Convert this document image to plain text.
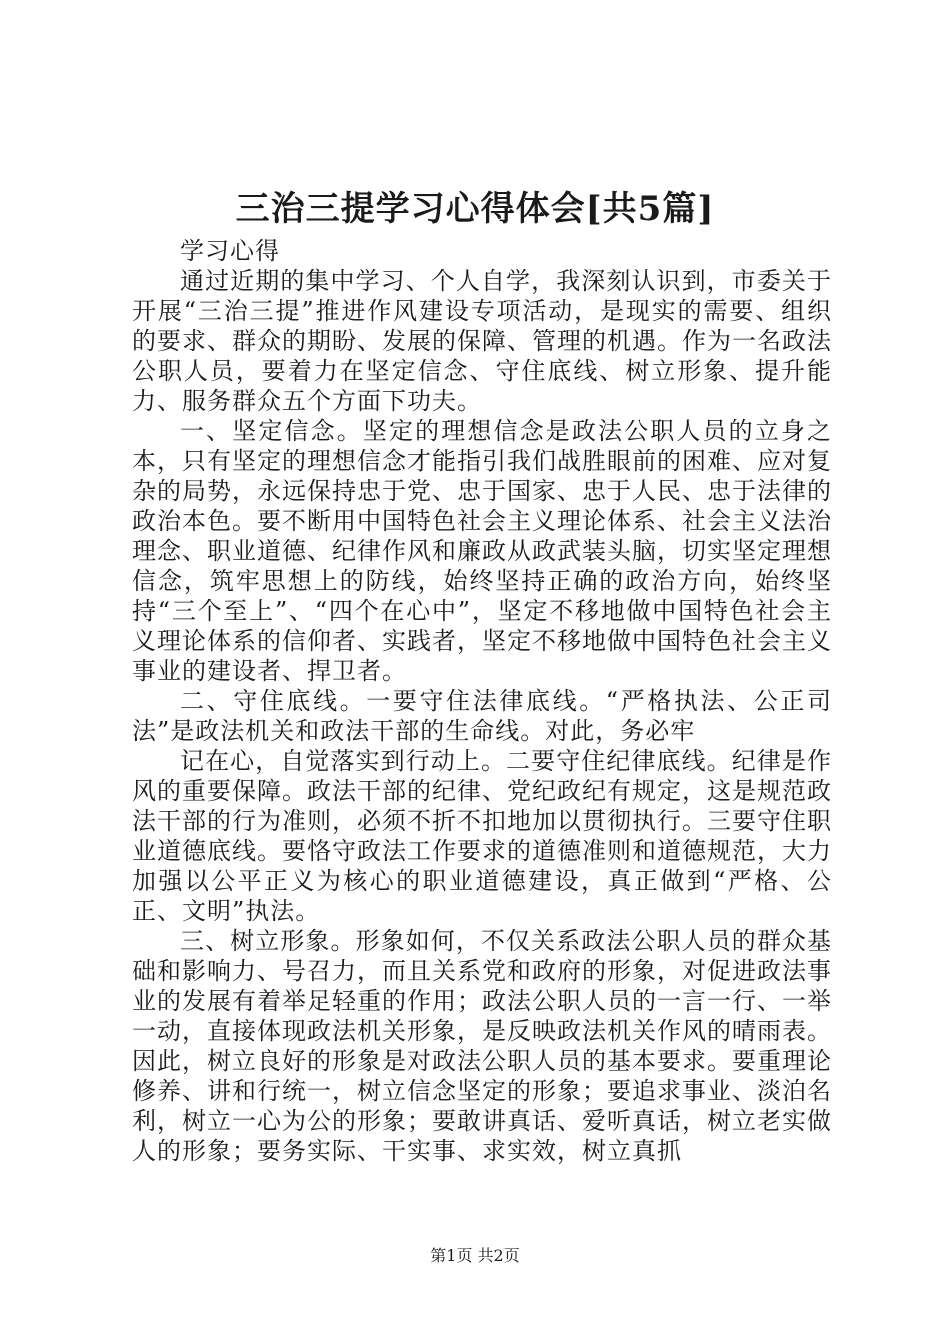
三治三提学习心得体会[共5篇]

学习心得

通过近期的集中学习、个人自学，我深刻认识到，市委关于开展“三治三提”推进作风建设专项活动，是现实的需要、组织的要求、群众的期盼、发展的保障、管理的机遇。作为一名政法公职人员，要着力在坚定信念、守住底线、树立形象、提升能力、服务群众五个方面下功夫。

一、坚定信念。坚定的理想信念是政法公职人员的立身之本，只有坚定的理想信念才能指引我们战胜眼前的困难、应对复杂的局势，永远保持忠于党、忠于国家、忠于人民、忠于法律的政治本色。要不断用中国特色社会主义理论体系、社会主义法治理念、职业道德、纪律作风和廉政从政武装头脑，切实坚定理想信念，筑牢思想上的防线，始终坚持正确的政治方向，始终坚持“三个至上”、“四个在心中”，坚定不移地做中国特色社会主义理论体系的信仰者、实践者，坚定不移地做中国特色社会主义事业的建设者、捍卫者。

二、守住底线。一要守住法律底线。“严格执法、公正司法”是政法机关和政法干部的生命线。对此，务必牢

记在心，自觉落实到行动上。二要守住纪律底线。纪律是作风的重要保障。政法干部的纪律、党纪政纪有规定，这是规范政法干部的行为准则，必须不折不扣地加以贯彻执行。三要守住职业道德底线。要恪守政法工作要求的道德准则和道德规范，大力加强以公平正义为核心的职业道德建设，真正做到“严格、公正、文明”执法。

三、树立形象。形象如何，不仅关系政法公职人员的群众基础和影响力、号召力，而且关系党和政府的形象，对促进政法事业的发展有着举足轻重的作用；政法公职人员的一言一行、一举一动，直接体现政法机关形象，是反映政法机关作风的晴雨表。因此，树立良好的形象是对政法公职人员的基本要求。要重理论修养、讲和行统一，树立信念坚定的形象；要追求事业、淡泊名利，树立一心为公的形象；要敢讲真话、爱听真话，树立老实做人的形象；要务实际、干实事、求实效，树立真抓

第1页 共2页
